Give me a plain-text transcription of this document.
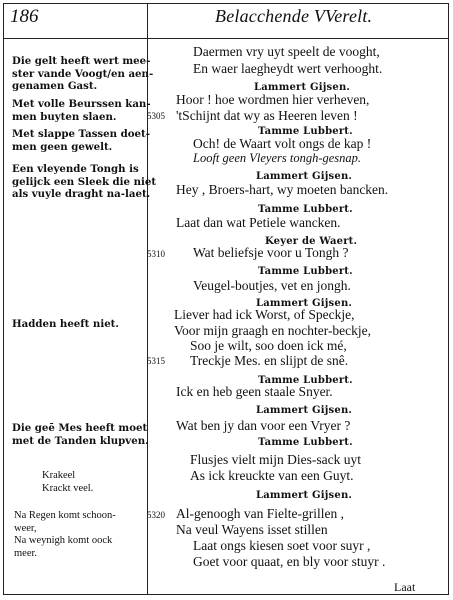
186	Belacchende VVerelt.
Die gelt heeft wert mee-
ster vande Voogt/en aen-
genamen Gast.
Met volle Beurssen kan-
men buyten slaen.
Met slappe Tassen doet-
men geen gewelt.
Een vleyende Tongh is
gelijck een Sleek die niet
als vuyle draght na-laet.
Hadden heeft niet.
Die geē Mes heeft moet
met de Tanden klupven.
Krakeel
Krackt veel.
Na Regen komt schoon-
weer,
Na weynigh komt oock
meer.
5305
5310
5315
5320
Daermen vry uyt speelt de vooght,
En waer laegheydt wert verhooght.
Lammert Gijsen.
Hoor ! hoe wordmen hier verheven,
'tSchijnt dat wy as Heeren leven !
Tamme Lubbert.
Och! de Waart volt ongs de kap !
Looft geen Vleyers tongh-gesnap.
Lammert Gijsen.
Hey , Broers-hart, wy moeten bancken.
Tamme Lubbert.
Laat dan wat Petiele wancken.
Keyer de Waert.
Wat beliefsje voor u Tongh ?
Tamme Lubbert.
Veugel-boutjes, vet en jongh.
Lammert Gijsen.
Liever had ick Worst, of Speckje,
Voor mijn graagh en nochter-beckje,
Soo je wilt, soo doen ick mé,
Treckje Mes. en slijpt de snê.
Tamme Lubbert.
Ick en heb geen staale Snyer.
Lammert Gijsen.
Wat ben jy dan voor een Vryer ?
Tamme Lubbert.
Flusjes vielt mijn Dies-sack uyt
As ick kreuckte van een Guyt.
Lammert Gijsen.
Al-genoogh van Fielte-grillen ,
Na veul Wayens isset stillen
Laat ongs kiesen soet voor suyr ,
Goet voor quaat, en bly voor stuyr .
Laat
